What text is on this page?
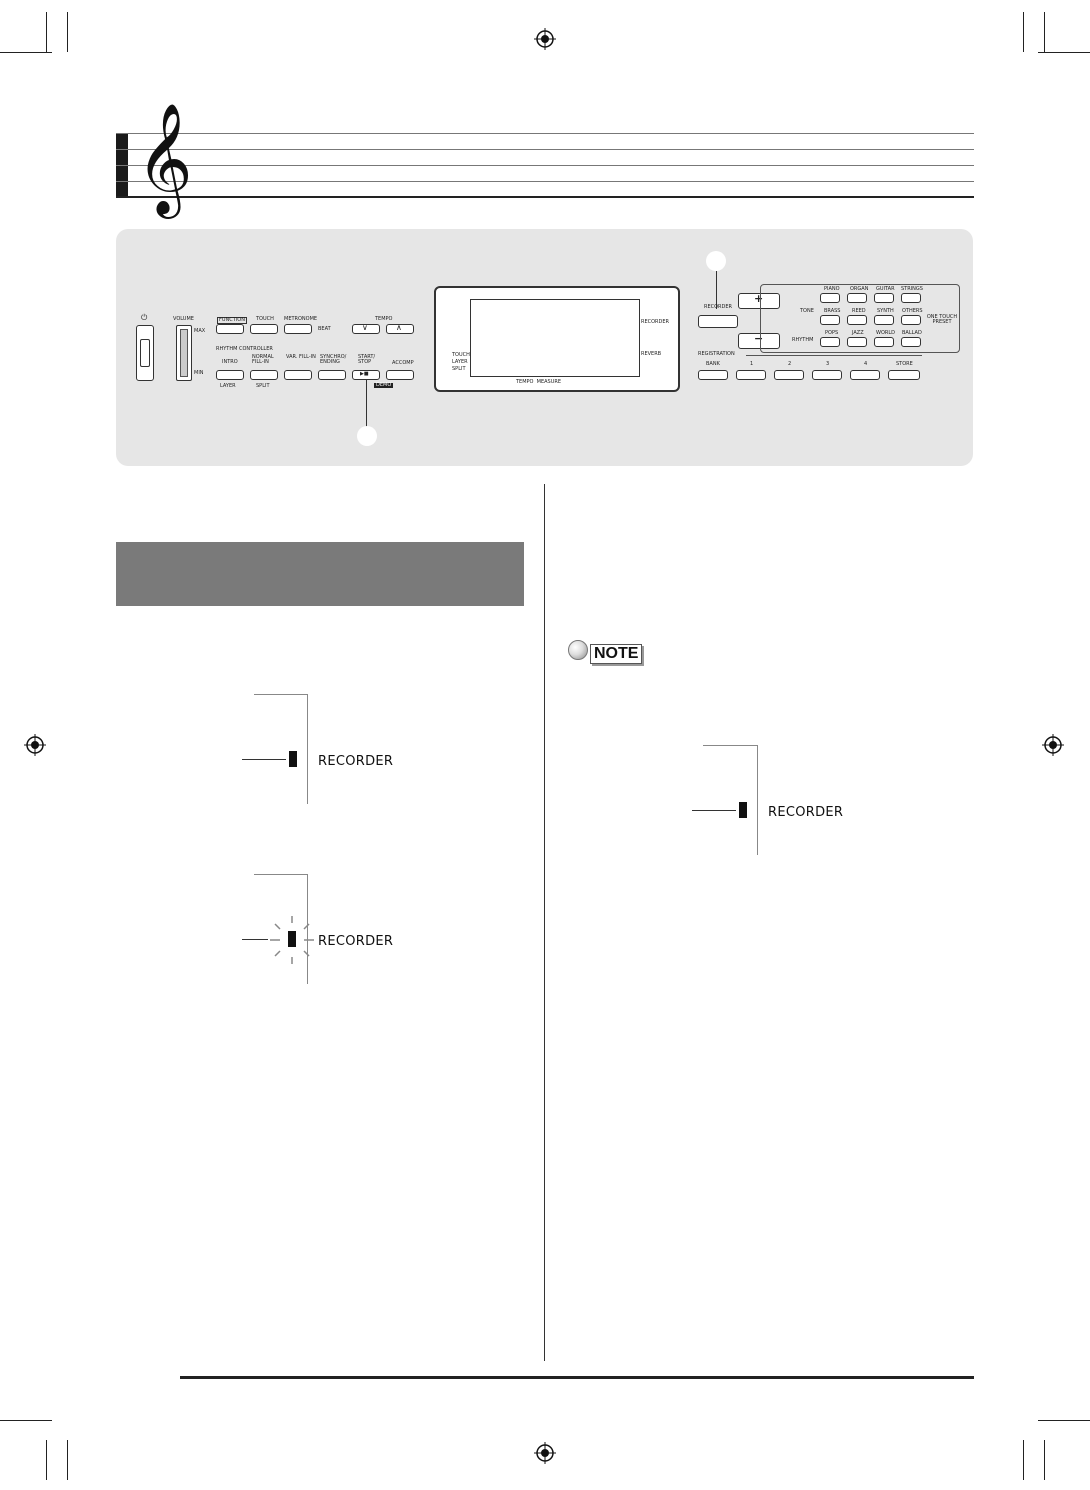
𝄞
⏻	VOLUME
MAX
MIN
FUNCTION	TOUCH METRONOME
BEAT
TEMPO
∨	∧
RHYTHM CONTROLLER
INTRO
NORMAL FILL-IN
VAR. FILL-IN SYNCHRO/ ENDING
START/ STOP
▶■
ACCOMP
LAYER	SPLIT	DEMO
TOUCH
LAYER
SPLIT
RECORDER
REVERB
TEMPO  MEASURE
RECORDER
+
−
TONE
RHYTHM
ONE TOUCH PRESET
PIANO ORGAN GUITAR STRINGS
BRASS REED SYNTH OTHERS
POPS	JAZZ WORLD BALLAD
REGISTRATION
BANK	1	2	3	4	STORE
RECORDER
RECORDER
NOTE
RECORDER
